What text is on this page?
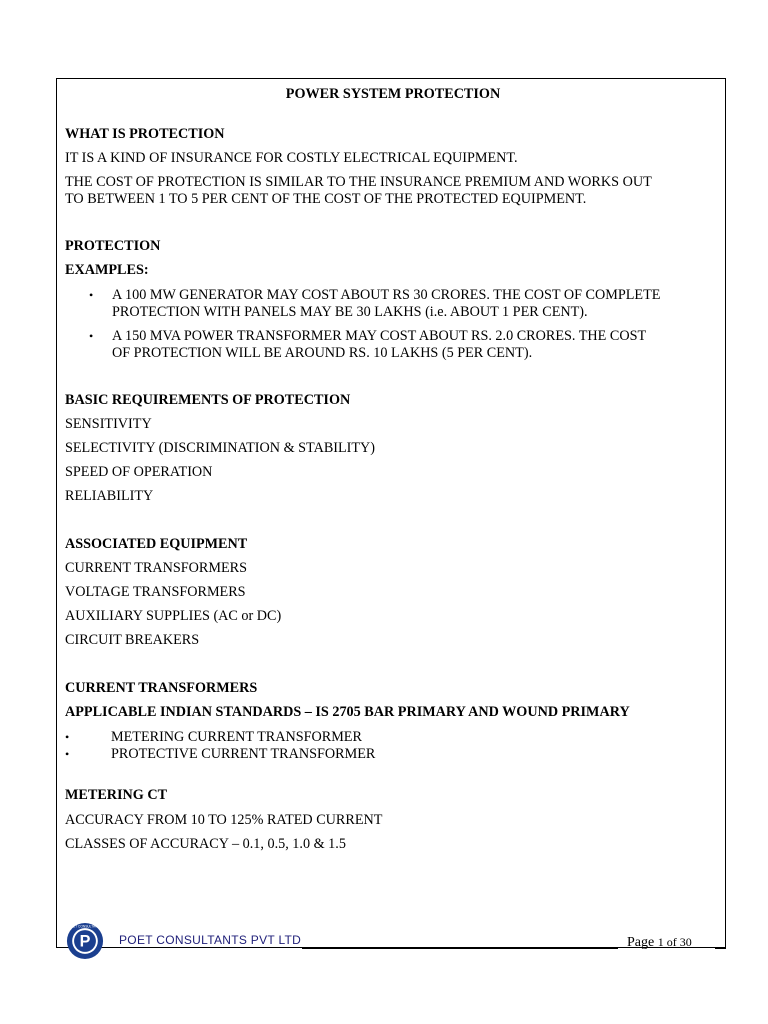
POWER SYSTEM PROTECTION

WHAT IS PROTECTION

IT IS A KIND OF INSURANCE FOR COSTLY ELECTRICAL EQUIPMENT.

THE COST OF PROTECTION IS SIMILAR TO THE INSURANCE PREMIUM AND WORKS OUT

TO BETWEEN 1 TO 5 PER CENT OF THE COST OF THE PROTECTED EQUIPMENT.

PROTECTION

EXAMPLES:

• A 100 MW GENERATOR MAY COST ABOUT RS 30 CRORES. THE COST OF COMPLETE
PROTECTION WITH PANELS MAY BE 30 LAKHS (i.e. ABOUT 1 PER CENT).
• A 150 MVA POWER TRANSFORMER MAY COST ABOUT RS. 2.0 CRORES. THE COST
OF PROTECTION WILL BE AROUND RS. 10 LAKHS (5 PER CENT).

BASIC REQUIREMENTS OF PROTECTION

SENSITIVITY

SELECTIVITY (DISCRIMINATION & STABILITY)

SPEED OF OPERATION

RELIABILITY

ASSOCIATED EQUIPMENT

CURRENT TRANSFORMERS

VOLTAGE TRANSFORMERS

AUXILIARY SUPPLIES (AC or DC)

CIRCUIT BREAKERS

CURRENT TRANSFORMERS

APPLICABLE INDIAN STANDARDS – IS 2705 BAR PRIMARY AND WOUND PRIMARY

•	METERING CURRENT TRANSFORMER
•	PROTECTIVE CURRENT TRANSFORMER

METERING CT

ACCURACY FROM 10 TO 125% RATED CURRENT

CLASSES OF ACCURACY – 0.1, 0.5, 1.0 & 1.5

P
POET CONSULTANTS
POET CONSULTANTS PVT LTD	Page 1 of 30
